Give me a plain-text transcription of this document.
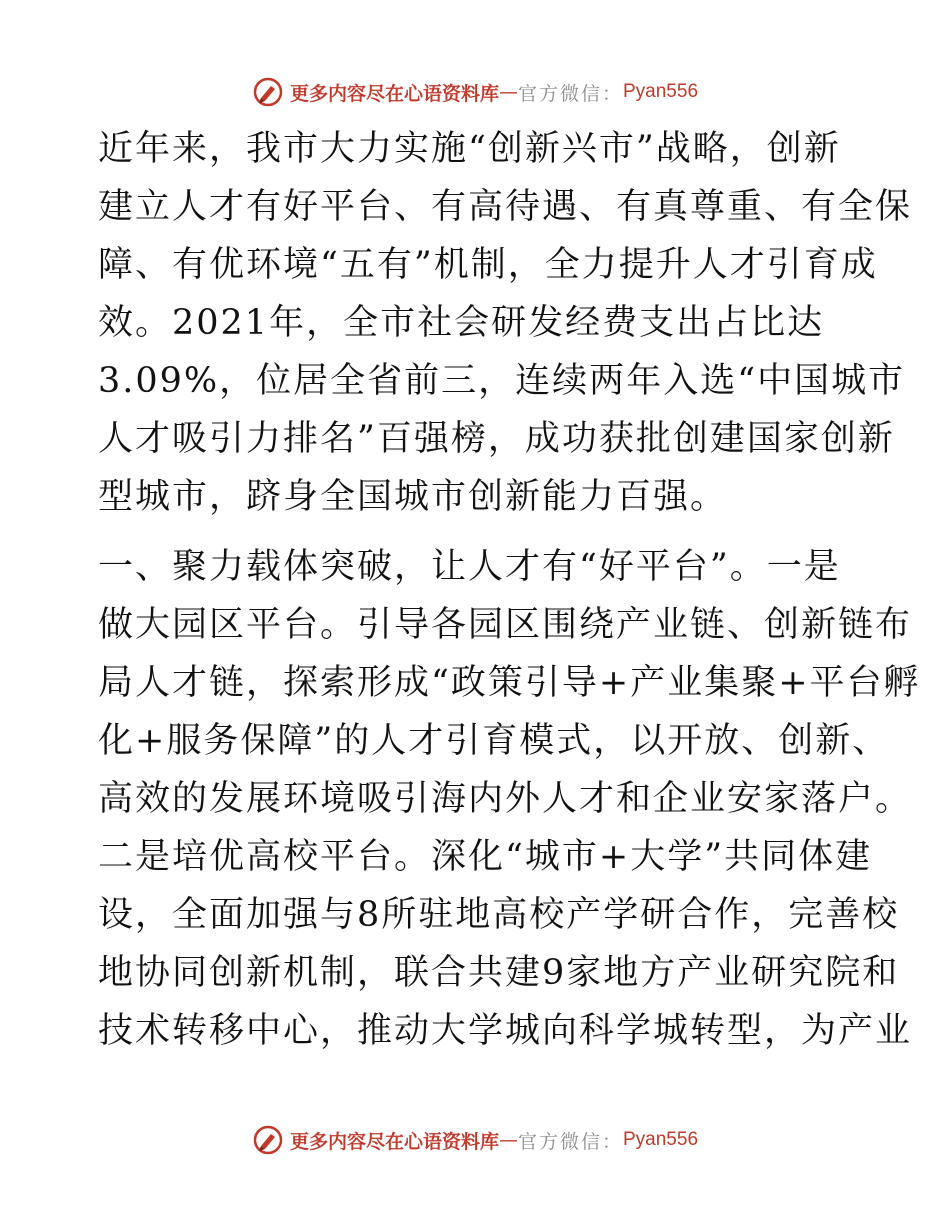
更多内容尽在心语资料库 — 官方微信： Pyan556
近年来，我市大力实施“创新兴市”战略，创新
建立人才有好平台、有高待遇、有真尊重、有全保
障、有优环境“五有”机制，全力提升人才引育成
效。2021年，全市社会研发经费支出占比达
3.09%，位居全省前三，连续两年入选“中国城市
人才吸引力排名”百强榜，成功获批创建国家创新
型城市，跻身全国城市创新能力百强。
一、聚力载体突破，让人才有“好平台”。一是
做大园区平台。引导各园区围绕产业链、创新链布
局人才链，探索形成“政策引导+产业集聚+平台孵
化+服务保障”的人才引育模式，以开放、创新、
高效的发展环境吸引海内外人才和企业安家落户。
二是培优高校平台。深化“城市+大学”共同体建
设，全面加强与8所驻地高校产学研合作，完善校
地协同创新机制，联合共建9家地方产业研究院和
技术转移中心，推动大学城向科学城转型，为产业
更多内容尽在心语资料库 — 官方微信： Pyan556
